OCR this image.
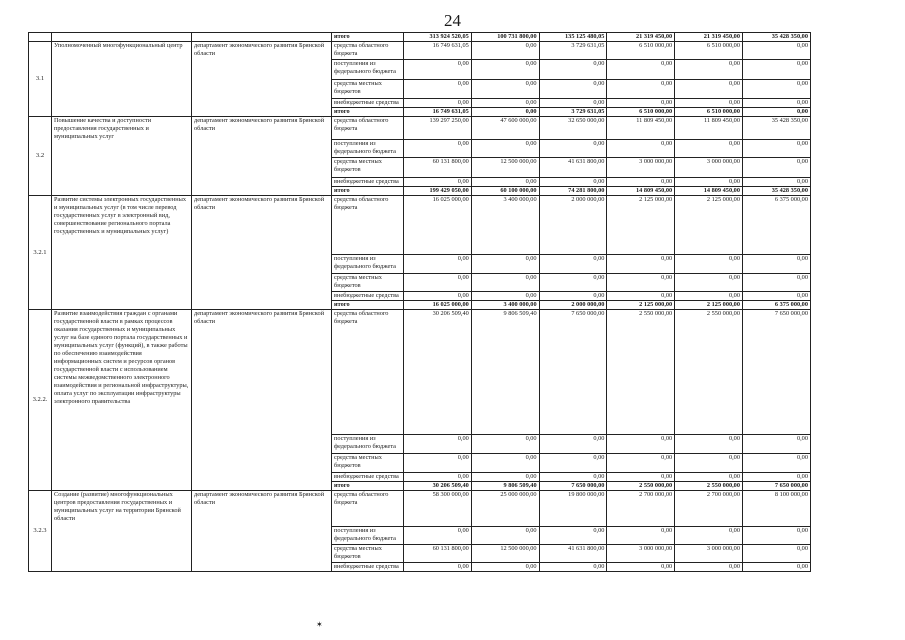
24
			итого	313 924 520,05	100 731 800,00	135 125 480,05	21 319 450,00	21 319 450,00	35 428 350,00
3.1	Уполномоченный многофункциональный центр	департамент экономического развития Брянской области	средства областного бюджета	16 749 631,05	0,00	3 729 631,05	6 510 000,00	6 510 000,00	0,00
			поступления из федерального бюджета	0,00	0,00	0,00	0,00	0,00	0,00
			средства местных бюджетов	0,00	0,00	0,00	0,00	0,00	0,00
			внебюджетные средства	0,00	0,00	0,00	0,00	0,00	0,00
			итого	16 749 631,05	0,00	3 729 631,05	6 510 000,00	6 510 000,00	0,00
3.2	Повышение качества и доступности предоставления государственных и муниципальных услуг	департамент экономического развития Брянской области	средства областного бюджета	139 297 250,00	47 600 000,00	32 650 000,00	11 809 450,00	11 809 450,00	35 428 350,00
			поступления из федерального бюджета	0,00	0,00	0,00	0,00	0,00	0,00
			средства местных бюджетов	60 131 800,00	12 500 000,00	41 631 800,00	3 000 000,00	3 000 000,00	0,00
			внебюджетные средства	0,00	0,00	0,00	0,00	0,00	0,00
			итого	199 429 050,00	60 100 000,00	74 281 800,00	14 809 450,00	14 809 450,00	35 428 350,00
3.2.1	Развитие системы электронных государственных и муниципальных услуг (в том числе перевод государственных услуг в электронный вид, совершенствование регионального портала государственных и муниципальных услуг)	департамент экономического развития Брянской области	средства областного бюджета	16 025 000,00	3 400 000,00	2 000 000,00	2 125 000,00	2 125 000,00	6 375 000,00
			поступления из федерального бюджета	0,00	0,00	0,00	0,00	0,00	0,00
			средства местных бюджетов	0,00	0,00	0,00	0,00	0,00	0,00
			внебюджетные средства	0,00	0,00	0,00	0,00	0,00	0,00
			итого	16 025 000,00	3 400 000,00	2 000 000,00	2 125 000,00	2 125 000,00	6 375 000,00
3.2.2.	Развитие взаимодействия граждан с органами государственной власти в рамках процессов оказания государственных и муниципальных услуг на базе единого портала государственных и муниципальных услуг (функций), в также работы по обеспечению взаимодействия информационных систем и ресурсов органов государственной власти с использованием системы межведомственного электронного взаимодействия и региональной инфраструктуры, оплата услуг по эксплуатации инфраструктуры электронного правительства	департамент экономического развития Брянской области	средства областного бюджета	30 206 509,40	9 806 509,40	7 650 000,00	2 550 000,00	2 550 000,00	7 650 000,00
			поступления из федерального бюджета	0,00	0,00	0,00	0,00	0,00	0,00
			средства местных бюджетов	0,00	0,00	0,00	0,00	0,00	0,00
			внебюджетные средства	0,00	0,00	0,00	0,00	0,00	0,00
			итого	30 206 509,40	9 806 509,40	7 650 000,00	2 550 000,00	2 550 000,00	7 650 000,00
3.2.3	Создание (развитие) многофункциональных центров предоставления государственных и муниципальных услуг на территории Брянской области	департамент экономического развития Брянской области	средства областного бюджета	58 300 000,00	25 000 000,00	19 800 000,00	2 700 000,00	2 700 000,00	8 100 000,00
			поступления из федерального бюджета	0,00	0,00	0,00	0,00	0,00	0,00
			средства местных бюджетов	60 131 800,00	12 500 000,00	41 631 800,00	3 000 000,00	3 000 000,00	0,00
			внебюджетные средства	0,00	0,00	0,00	0,00	0,00	0,00
✶
